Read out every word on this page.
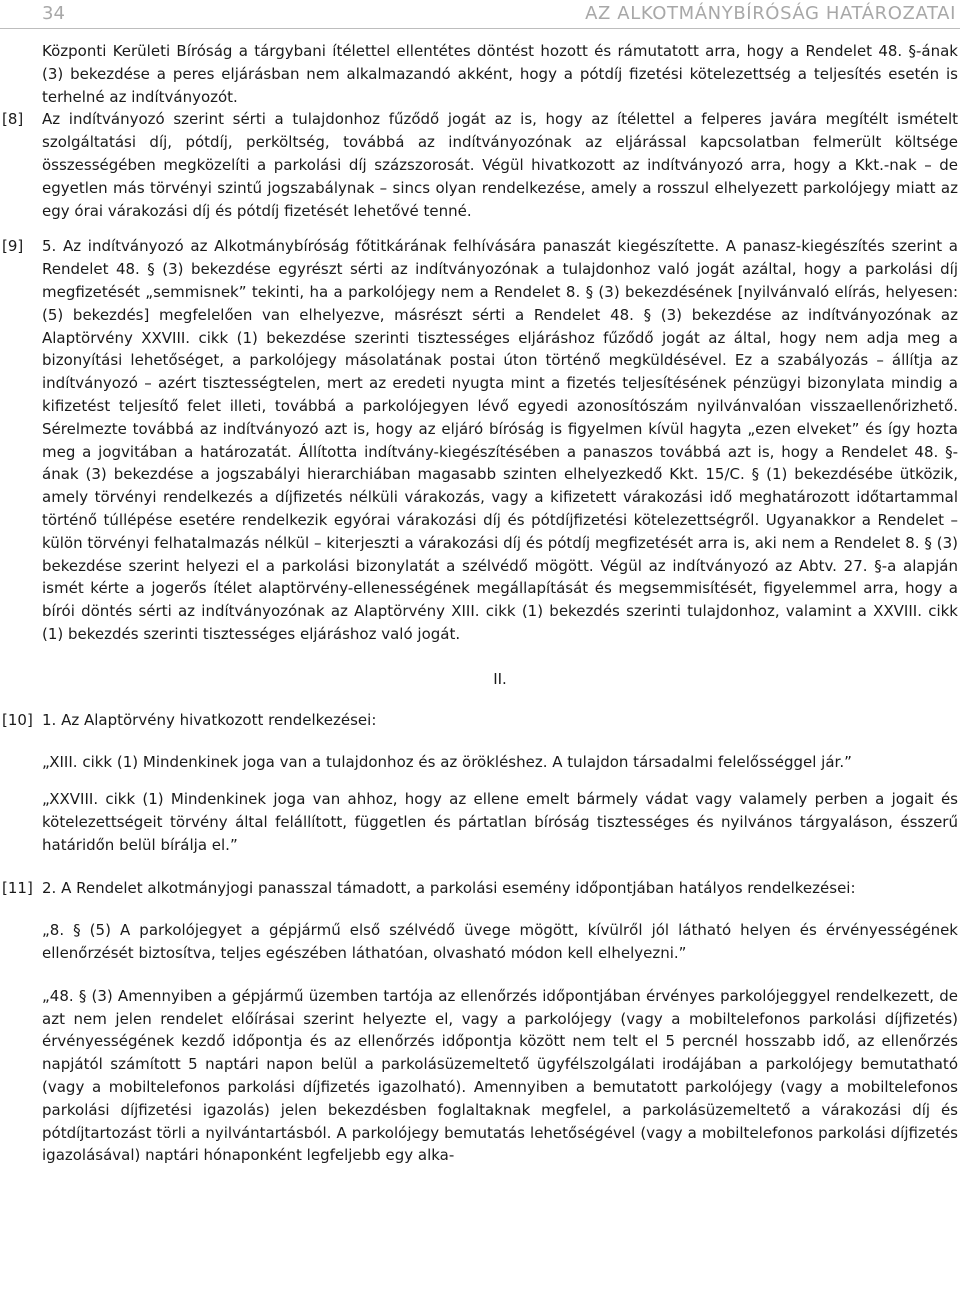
34	AZ ALKOTMÁNYBÍRÓSÁG HATÁROZATAI

Központi Kerületi Bíróság a tárgybani ítélettel ellentétes döntést hozott és rámutatott arra, hogy a Rendelet 48. §-ának (3) bekezdése a peres eljárásban nem alkalmazandó akként, hogy a pótdíj fizetési kötelezettség a teljesítés esetén is terhelné az indítványozót.

[8] Az indítványozó szerint sérti a tulajdonhoz fűződő jogát az is, hogy az ítélettel a felperes javára megítélt ismételt szolgáltatási díj, pótdíj, perköltség, továbbá az indítványozónak az eljárással kapcsolatban felmerült költsége összességében megközelíti a parkolási díj százszorosát. Végül hivatkozott az indítványozó arra, hogy a Kkt.-nak – de egyetlen más törvényi szintű jogszabálynak – sincs olyan rendelkezése, amely a rosszul elhelyezett parkolójegy miatt az egy órai várakozási díj és pótdíj fizetését lehetővé tenné.
[9] 5. Az indítványozó az Alkotmánybíróság főtitkárának felhívására panaszát kiegészítette. A panasz-kiegészítés szerint a Rendelet 48. § (3) bekezdése egyrészt sérti az indítványozónak a tulajdonhoz való jogát azáltal, hogy a parkolási díj megfizetését „semmisnek” tekinti, ha a parkolójegy nem a Rendelet 8. § (3) bekezdésének [nyilvánvaló elírás, helyesen: (5) bekezdés] megfelelően van elhelyezve, másrészt sérti a Rendelet 48. § (3) bekezdése az indítványozónak az Alaptörvény XXVIII. cikk (1) bekezdése szerinti tisztességes eljáráshoz fűződő jogát az által, hogy nem adja meg a bizonyítási lehetőséget, a parkolójegy másolatának postai úton történő megküldésével. Ez a szabályozás – állítja az indítványozó – azért tisztességtelen, mert az eredeti nyugta mint a fizetés teljesítésének pénzügyi bizonylata mindig a kifizetést teljesítő felet illeti, továbbá a parkolójegyen lévő egyedi azonosítószám nyilvánvalóan visszaellenőrizhető. Sérelmezte továbbá az indítványozó azt is, hogy az eljáró bíróság is figyelmen kívül hagyta „ezen elveket” és így hozta meg a jogvitában a határozatát. Állította indítvány-kiegészítésében a panaszos továbbá azt is, hogy a Rendelet 48. §-ának (3) bekezdése a jogszabályi hierarchiában magasabb szinten elhelyezkedő Kkt. 15/C. § (1) bekezdésébe ütközik, amely törvényi rendelkezés a díjfizetés nélküli várakozás, vagy a kifizetett várakozási idő meghatározott időtartammal történő túllépése esetére rendelkezik egyórai várakozási díj és pótdíjfizetési kötelezettségről. Ugyanakkor a Rendelet – külön törvényi felhatalmazás nélkül – kiterjeszti a várakozási díj és pótdíj megfizetését arra is, aki nem a Rendelet 8. § (3) bekezdése szerint helyezi el a parkolási bizonylatát a szélvédő mögött. Végül az indítványozó az Abtv. 27. §-a alapján ismét kérte a jogerős ítélet alaptörvény-ellenességének megállapítását és megsemmisítését, figyelemmel arra, hogy a bírói döntés sérti az indítványozónak az Alaptörvény XIII. cikk (1) bekezdés szerinti tulajdonhoz, valamint a XXVIII. cikk (1) bekezdés szerinti tisztességes eljáráshoz való jogát.
II.
[10] 1. Az Alaptörvény hivatkozott rendelkezései:

„XIII. cikk (1) Mindenkinek joga van a tulajdonhoz és az örökléshez. A tulajdon társadalmi felelősséggel jár.”

„XXVIII. cikk (1) Mindenkinek joga van ahhoz, hogy az ellene emelt bármely vádat vagy valamely perben a jogait és kötelezettségeit törvény által felállított, független és pártatlan bíróság tisztességes és nyilvános tárgyaláson, ésszerű határidőn belül bírálja el.”

[11] 2. A Rendelet alkotmányjogi panasszal támadott, a parkolási esemény időpontjában hatályos rendelkezései:

„8. § (5) A parkolójegyet a gépjármű első szélvédő üvege mögött, kívülről jól látható helyen és érvényességének ellenőrzését biztosítva, teljes egészében láthatóan, olvasható módon kell elhelyezni.”

„48. § (3) Amennyiben a gépjármű üzemben tartója az ellenőrzés időpontjában érvényes parkolójeggyel rendelkezett, de azt nem jelen rendelet előírásai szerint helyezte el, vagy a parkolójegy (vagy a mobiltelefonos parkolási díjfizetés) érvényességének kezdő időpontja és az ellenőrzés időpontja között nem telt el 5 percnél hosszabb idő, az ellenőrzés napjától számított 5 naptári napon belül a parkolásüzemeltető ügyfélszolgálati irodájában a parkolójegy bemutatható (vagy a mobiltelefonos parkolási díjfizetés igazolható). Amennyiben a bemutatott parkolójegy (vagy a mobiltelefonos parkolási díjfizetési igazolás) jelen bekezdésben foglaltaknak megfelel, a parkolásüzemeltető a várakozási díj és pótdíjtartozást törli a nyilvántartásból. A parkolójegy bemutatás lehetőségével (vagy a mobiltelefonos parkolási díjfizetés igazolásával) naptári hónaponként legfeljebb egy alka-
